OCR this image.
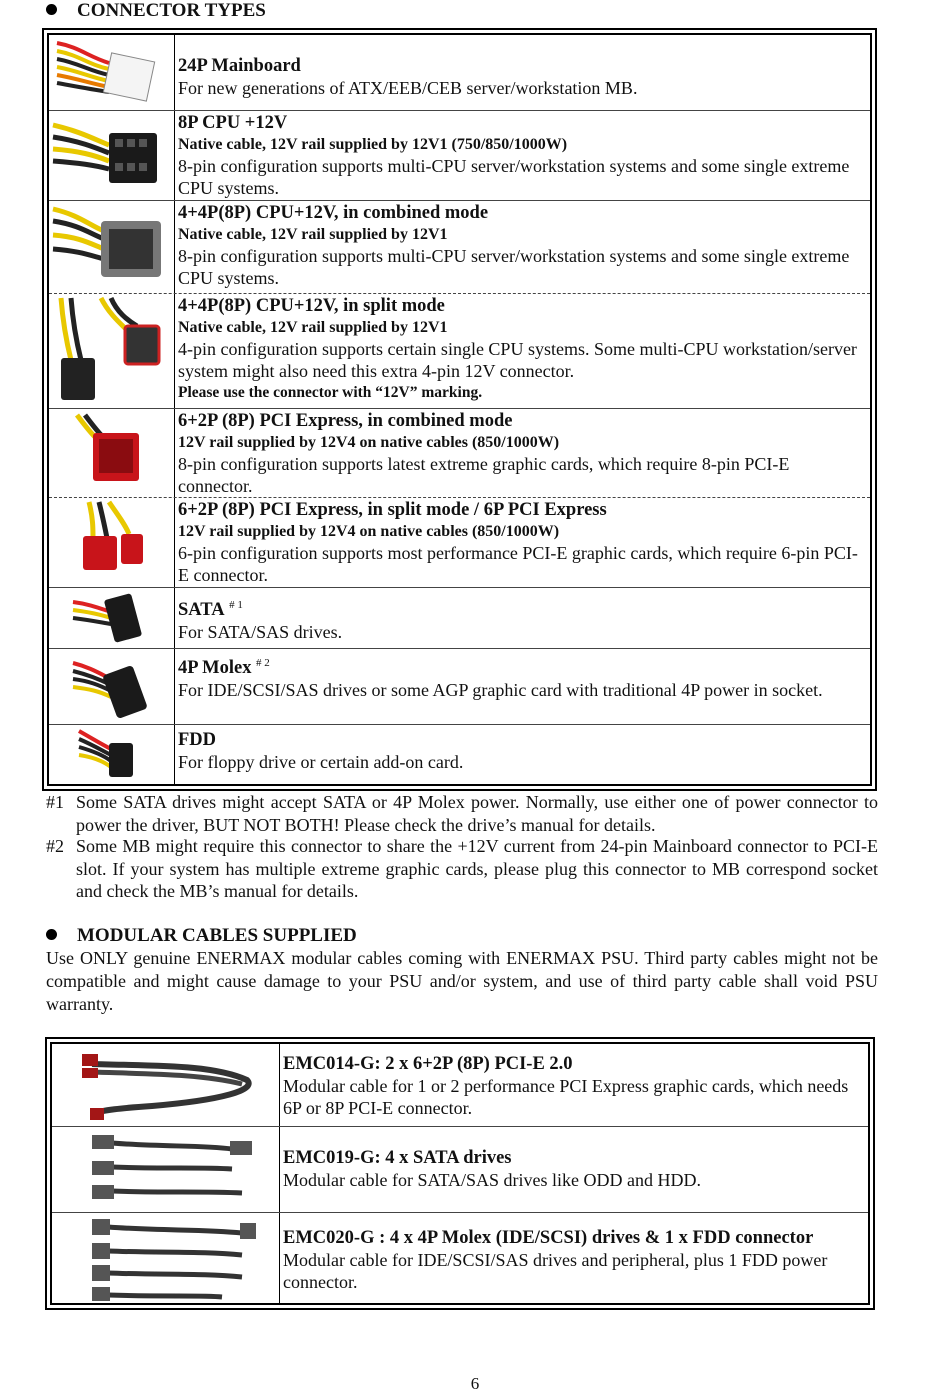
CONNECTOR TYPES
24P Mainboard
For new generations of ATX/EEB/CEB server/workstation MB.
8P CPU +12V
Native cable, 12V rail supplied by 12V1 (750/850/1000W)
8-pin configuration supports multi-CPU server/workstation systems and some single extreme CPU systems.
4+4P(8P) CPU+12V, in combined mode
Native cable, 12V rail supplied by 12V1
8-pin configuration supports multi-CPU server/workstation systems and some single extreme CPU systems.
4+4P(8P) CPU+12V, in split mode
Native cable, 12V rail supplied by 12V1
4-pin configuration supports certain single CPU systems. Some multi-CPU workstation/server system might also need this extra 4-pin 12V connector.
Please use the connector with “12V” marking.
6+2P (8P) PCI Express, in combined mode
12V rail supplied by 12V4 on native cables (850/1000W)
8-pin configuration supports latest extreme graphic cards, which require 8-pin PCI-E connector.
6+2P (8P) PCI Express, in split mode / 6P PCI Express
12V rail supplied by 12V4 on native cables (850/1000W)
6-pin configuration supports most performance PCI-E graphic cards, which require 6-pin PCI-E connector.
SATA $^{\# 1}$
For SATA/SAS drives.
4P Molex $^{\# 2}$
For IDE/SCSI/SAS drives or some AGP graphic card with traditional 4P power in socket.
FDD
For floppy drive or certain add-on card.
#1 Some SATA drives might accept SATA or 4P Molex power. Normally, use either one of power connector to power the driver, BUT NOT BOTH! Please check the drive’s manual for details.
#2 Some MB might require this connector to share the +12V current from 24-pin Mainboard connector to PCI-E slot. If your system has multiple extreme graphic cards, please plug this connector to MB correspond socket and check the MB’s manual for details.
MODULAR CABLES SUPPLIED
Use ONLY genuine ENERMAX modular cables coming with ENERMAX PSU. Third party cables might not be compatible and might cause damage to your PSU and/or system, and use of third party cable shall void PSU warranty.
EMC014-G: 2 x 6+2P (8P) PCI-E 2.0
Modular cable for 1 or 2 performance PCI Express graphic cards, which needs 6P or 8P PCI-E connector.
EMC019-G: 4 x SATA drives
Modular cable for SATA/SAS drives like ODD and HDD.
EMC020-G : 4 x 4P Molex (IDE/SCSI) drives & 1 x FDD connector
Modular cable for IDE/SCSI/SAS drives and peripheral, plus 1 FDD power connector.
6
